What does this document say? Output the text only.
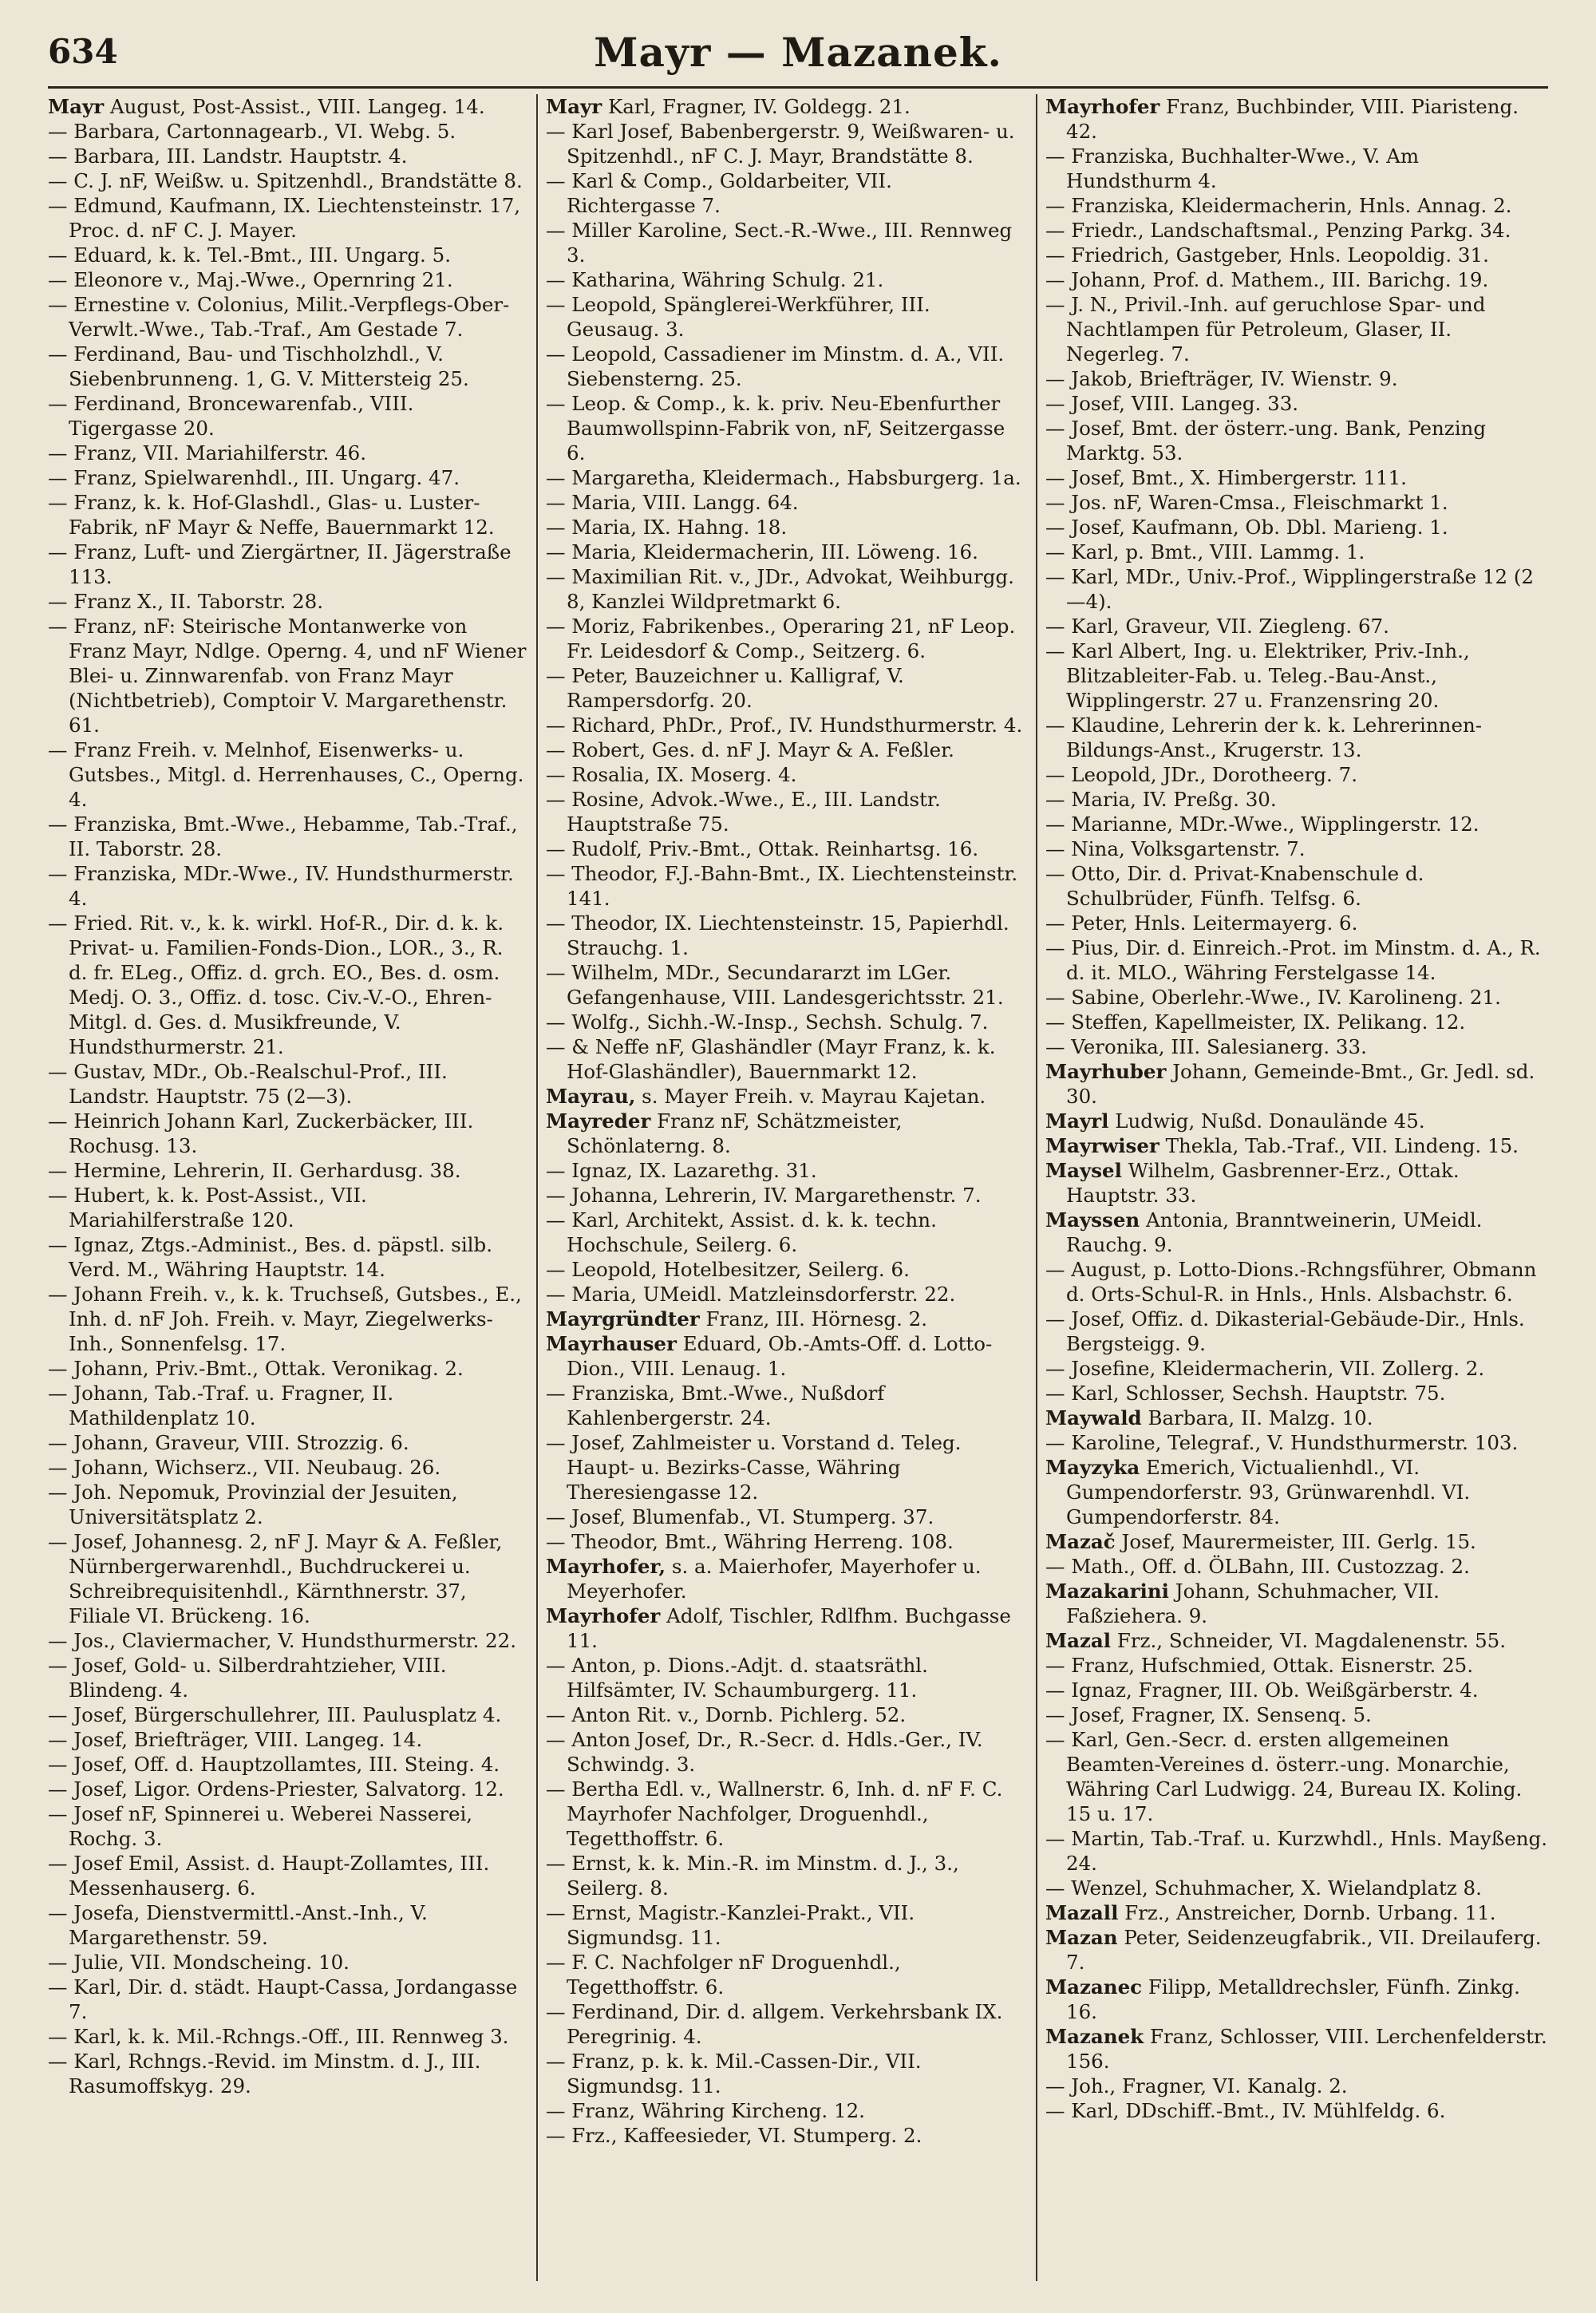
634	Mayr — Mazanek.
Mayr August, Post-Assist., VIII. Langeg. 14.
— Barbara, Cartonnagearb., VI. Webg. 5.
— Barbara, III. Landstr. Hauptstr. 4.
— C. J. nF, Weißw. u. Spitzenhdl., Brandstätte 8.
— Edmund, Kaufmann, IX. Liechtensteinstr. 17, Proc. d. nF C. J. Mayer.
— Eduard, k. k. Tel.-Bmt., III. Ungarg. 5.
— Eleonore v., Maj.-Wwe., Opernring 21.
— Ernestine v. Colonius, Milit.-Verpflegs-Ober-Verwlt.-Wwe., Tab.-Traf., Am Gestade 7.
— Ferdinand, Bau- und Tischholzhdl., V. Siebenbrunneng. 1, G. V. Mittersteig 25.
— Ferdinand, Broncewarenfab., VIII. Tigergasse 20.
— Franz, VII. Mariahilferstr. 46.
— Franz, Spielwarenhdl., III. Ungarg. 47.
— Franz, k. k. Hof-Glashdl., Glas- u. Luster-Fabrik, nF Mayr & Neffe, Bauernmarkt 12.
— Franz, Luft- und Ziergärtner, II. Jägerstraße 113.
— Franz X., II. Taborstr. 28.
— Franz, nF: Steirische Montanwerke von Franz Mayr, Ndlge. Operng. 4, und nF Wiener Blei- u. Zinnwarenfab. von Franz Mayr (Nichtbetrieb), Comptoir V. Margarethenstr. 61.
— Franz Freih. v. Melnhof, Eisenwerks- u. Gutsbes., Mitgl. d. Herrenhauses, C., Operng. 4.
— Franziska, Bmt.-Wwe., Hebamme, Tab.-Traf., II. Taborstr. 28.
— Franziska, MDr.-Wwe., IV. Hundsthurmerstr. 4.
— Fried. Rit. v., k. k. wirkl. Hof-R., Dir. d. k. k. Privat- u. Familien-Fonds-Dion., LOR., 3., R. d. fr. ELeg., Offiz. d. grch. EO., Bes. d. osm. Medj. O. 3., Offiz. d. tosc. Civ.-V.-O., Ehren-Mitgl. d. Ges. d. Musikfreunde, V. Hundsthurmerstr. 21.
— Gustav, MDr., Ob.-Realschul-Prof., III. Landstr. Hauptstr. 75 (2—3).
— Heinrich Johann Karl, Zuckerbäcker, III. Rochusg. 13.
— Hermine, Lehrerin, II. Gerhardusg. 38.
— Hubert, k. k. Post-Assist., VII. Mariahilferstraße 120.
— Ignaz, Ztgs.-Administ., Bes. d. päpstl. silb. Verd. M., Währing Hauptstr. 14.
— Johann Freih. v., k. k. Truchseß, Gutsbes., E., Inh. d. nF Joh. Freih. v. Mayr, Ziegelwerks-Inh., Sonnenfelsg. 17.
— Johann, Priv.-Bmt., Ottak. Veronikag. 2.
— Johann, Tab.-Traf. u. Fragner, II. Mathildenplatz 10.
— Johann, Graveur, VIII. Strozzig. 6.
— Johann, Wichserz., VII. Neubaug. 26.
— Joh. Nepomuk, Provinzial der Jesuiten, Universitätsplatz 2.
— Josef, Johannesg. 2, nF J. Mayr & A. Feßler, Nürnbergerwarenhdl., Buchdruckerei u. Schreibrequisitenhdl., Kärnthnerstr. 37, Filiale VI. Brückeng. 16.
— Jos., Claviermacher, V. Hundsthurmerstr. 22.
— Josef, Gold- u. Silberdrahtzieher, VIII. Blindeng. 4.
— Josef, Bürgerschullehrer, III. Paulusplatz 4.
— Josef, Briefträger, VIII. Langeg. 14.
— Josef, Off. d. Hauptzollamtes, III. Steing. 4.
— Josef, Ligor. Ordens-Priester, Salvatorg. 12.
— Josef nF, Spinnerei u. Weberei Nasserei, Rochg. 3.
— Josef Emil, Assist. d. Haupt-Zollamtes, III. Messenhauserg. 6.
— Josefa, Dienstvermittl.-Anst.-Inh., V. Margarethenstr. 59.
— Julie, VII. Mondscheing. 10.
— Karl, Dir. d. städt. Haupt-Cassa, Jordangasse 7.
— Karl, k. k. Mil.-Rchngs.-Off., III. Rennweg 3.
— Karl, Rchngs.-Revid. im Minstm. d. J., III. Rasumoffskyg. 29.
Mayr Karl, Fragner, IV. Goldegg. 21.
— Karl Josef, Babenbergerstr. 9, Weißwaren- u. Spitzenhdl., nF C. J. Mayr, Brandstätte 8.
— Karl & Comp., Goldarbeiter, VII. Richtergasse 7.
— Miller Karoline, Sect.-R.-Wwe., III. Rennweg 3.
— Katharina, Währing Schulg. 21.
— Leopold, Spänglerei-Werkführer, III. Geusaug. 3.
— Leopold, Cassadiener im Minstm. d. A., VII. Siebensterng. 25.
— Leop. & Comp., k. k. priv. Neu-Ebenfurther Baumwollspinn-Fabrik von, nF, Seitzergasse 6.
— Margaretha, Kleidermach., Habsburgerg. 1a.
— Maria, VIII. Langg. 64.
— Maria, IX. Hahng. 18.
— Maria, Kleidermacherin, III. Löweng. 16.
— Maximilian Rit. v., JDr., Advokat, Weihburgg. 8, Kanzlei Wildpretmarkt 6.
— Moriz, Fabrikenbes., Operaring 21, nF Leop. Fr. Leidesdorf & Comp., Seitzerg. 6.
— Peter, Bauzeichner u. Kalligraf, V. Rampersdorfg. 20.
— Richard, PhDr., Prof., IV. Hundsthurmerstr. 4.
— Robert, Ges. d. nF J. Mayr & A. Feßler.
— Rosalia, IX. Moserg. 4.
— Rosine, Advok.-Wwe., E., III. Landstr. Hauptstraße 75.
— Rudolf, Priv.-Bmt., Ottak. Reinhartsg. 16.
— Theodor, F.J.-Bahn-Bmt., IX. Liechtensteinstr. 141.
— Theodor, IX. Liechtensteinstr. 15, Papierhdl. Strauchg. 1.
— Wilhelm, MDr., Secundararzt im LGer. Gefangenhause, VIII. Landesgerichtsstr. 21.
— Wolfg., Sichh.-W.-Insp., Sechsh. Schulg. 7.
— & Neffe nF, Glashändler (Mayr Franz, k. k. Hof-Glashändler), Bauernmarkt 12.
Mayrau, s. Mayer Freih. v. Mayrau Kajetan.
Mayreder Franz nF, Schätzmeister, Schönlaterng. 8.
— Ignaz, IX. Lazarethg. 31.
— Johanna, Lehrerin, IV. Margarethenstr. 7.
— Karl, Architekt, Assist. d. k. k. techn. Hochschule, Seilerg. 6.
— Leopold, Hotelbesitzer, Seilerg. 6.
— Maria, UMeidl. Matzleinsdorferstr. 22.
Mayrgründter Franz, III. Hörnesg. 2.
Mayrhauser Eduard, Ob.-Amts-Off. d. Lotto-Dion., VIII. Lenaug. 1.
— Franziska, Bmt.-Wwe., Nußdorf Kahlenbergerstr. 24.
— Josef, Zahlmeister u. Vorstand d. Teleg. Haupt- u. Bezirks-Casse, Währing Theresiengasse 12.
— Josef, Blumenfab., VI. Stumperg. 37.
— Theodor, Bmt., Währing Herreng. 108.
Mayrhofer, s. a. Maierhofer, Mayerhofer u. Meyerhofer.
Mayrhofer Adolf, Tischler, Rdlfhm. Buchgasse 11.
— Anton, p. Dions.-Adjt. d. staatsräthl. Hilfsämter, IV. Schaumburgerg. 11.
— Anton Rit. v., Dornb. Pichlerg. 52.
— Anton Josef, Dr., R.-Secr. d. Hdls.-Ger., IV. Schwindg. 3.
— Bertha Edl. v., Wallnerstr. 6, Inh. d. nF F. C. Mayrhofer Nachfolger, Droguenhdl., Tegetthoffstr. 6.
— Ernst, k. k. Min.-R. im Minstm. d. J., 3., Seilerg. 8.
— Ernst, Magistr.-Kanzlei-Prakt., VII. Sigmundsg. 11.
— F. C. Nachfolger nF Droguenhdl., Tegetthoffstr. 6.
— Ferdinand, Dir. d. allgem. Verkehrsbank IX. Peregrinig. 4.
— Franz, p. k. k. Mil.-Cassen-Dir., VII. Sigmundsg. 11.
— Franz, Währing Kircheng. 12.
— Frz., Kaffeesieder, VI. Stumperg. 2.
Mayrhofer Franz, Buchbinder, VIII. Piaristeng. 42.
— Franziska, Buchhalter-Wwe., V. Am Hundsthurm 4.
— Franziska, Kleidermacherin, Hnls. Annag. 2.
— Friedr., Landschaftsmal., Penzing Parkg. 34.
— Friedrich, Gastgeber, Hnls. Leopoldig. 31.
— Johann, Prof. d. Mathem., III. Barichg. 19.
— J. N., Privil.-Inh. auf geruchlose Spar- und Nachtlampen für Petroleum, Glaser, II. Negerleg. 7.
— Jakob, Briefträger, IV. Wienstr. 9.
— Josef, VIII. Langeg. 33.
— Josef, Bmt. der österr.-ung. Bank, Penzing Marktg. 53.
— Josef, Bmt., X. Himbergerstr. 111.
— Jos. nF, Waren-Cmsa., Fleischmarkt 1.
— Josef, Kaufmann, Ob. Dbl. Marieng. 1.
— Karl, p. Bmt., VIII. Lammg. 1.
— Karl, MDr., Univ.-Prof., Wipplingerstraße 12 (2—4).
— Karl, Graveur, VII. Ziegleng. 67.
— Karl Albert, Ing. u. Elektriker, Priv.-Inh., Blitzableiter-Fab. u. Teleg.-Bau-Anst., Wipplingerstr. 27 u. Franzensring 20.
— Klaudine, Lehrerin der k. k. Lehrerinnen-Bildungs-Anst., Krugerstr. 13.
— Leopold, JDr., Dorotheerg. 7.
— Maria, IV. Preßg. 30.
— Marianne, MDr.-Wwe., Wipplingerstr. 12.
— Nina, Volksgartenstr. 7.
— Otto, Dir. d. Privat-Knabenschule d. Schulbrüder, Fünfh. Telfsg. 6.
— Peter, Hnls. Leitermayerg. 6.
— Pius, Dir. d. Einreich.-Prot. im Minstm. d. A., R. d. it. MLO., Währing Ferstelgasse 14.
— Sabine, Oberlehr.-Wwe., IV. Karolineng. 21.
— Steffen, Kapellmeister, IX. Pelikang. 12.
— Veronika, III. Salesianerg. 33.
Mayrhuber Johann, Gemeinde-Bmt., Gr. Jedl. sd. 30.
Mayrl Ludwig, Nußd. Donaulände 45.
Mayrwiser Thekla, Tab.-Traf., VII. Lindeng. 15.
Maysel Wilhelm, Gasbrenner-Erz., Ottak. Hauptstr. 33.
Mayssen Antonia, Branntweinerin, UMeidl. Rauchg. 9.
— August, p. Lotto-Dions.-Rchngsführer, Obmann d. Orts-Schul-R. in Hnls., Hnls. Alsbachstr. 6.
— Josef, Offiz. d. Dikasterial-Gebäude-Dir., Hnls. Bergsteigg. 9.
— Josefine, Kleidermacherin, VII. Zollerg. 2.
— Karl, Schlosser, Sechsh. Hauptstr. 75.
Maywald Barbara, II. Malzg. 10.
— Karoline, Telegraf., V. Hundsthurmerstr. 103.
Mayzyka Emerich, Victualienhdl., VI. Gumpendorferstr. 93, Grünwarenhdl. VI. Gumpendorferstr. 84.
Mazač Josef, Maurermeister, III. Gerlg. 15.
— Math., Off. d. ÖLBahn, III. Custozzag. 2.
Mazakarini Johann, Schuhmacher, VII. Faßziehera. 9.
Mazal Frz., Schneider, VI. Magdalenenstr. 55.
— Franz, Hufschmied, Ottak. Eisnerstr. 25.
— Ignaz, Fragner, III. Ob. Weißgärberstr. 4.
— Josef, Fragner, IX. Sensenq. 5.
— Karl, Gen.-Secr. d. ersten allgemeinen Beamten-Vereines d. österr.-ung. Monarchie, Währing Carl Ludwigg. 24, Bureau IX. Koling. 15 u. 17.
— Martin, Tab.-Traf. u. Kurzwhdl., Hnls. Mayßeng. 24.
— Wenzel, Schuhmacher, X. Wielandplatz 8.
Mazall Frz., Anstreicher, Dornb. Urbang. 11.
Mazan Peter, Seidenzeugfabrik., VII. Dreilauferg. 7.
Mazanec Filipp, Metalldrechsler, Fünfh. Zinkg. 16.
Mazanek Franz, Schlosser, VIII. Lerchenfelderstr. 156.
— Joh., Fragner, VI. Kanalg. 2.
— Karl, DDschiff.-Bmt., IV. Mühlfeldg. 6.
